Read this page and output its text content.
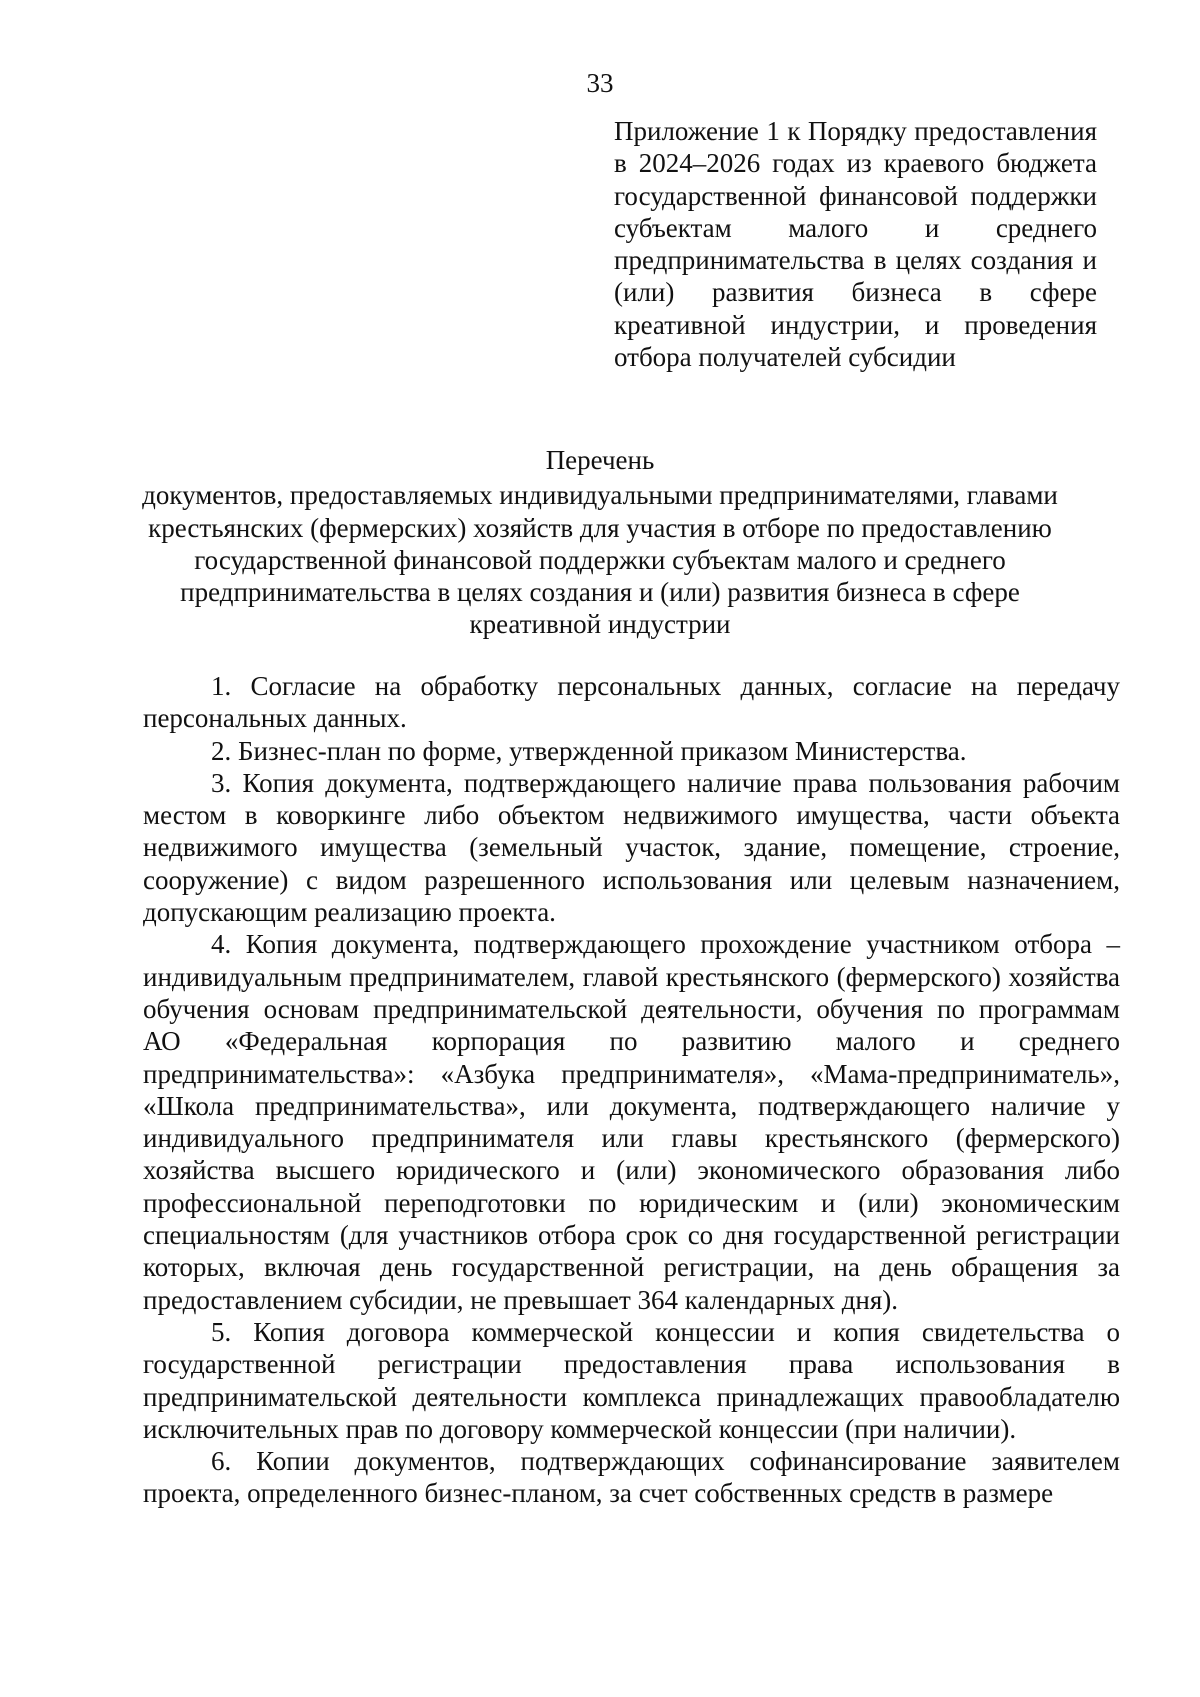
33
Приложение 1 к Порядку предоставления в 2024–2026 годах из краевого бюджета государственной финансовой поддержки субъектам малого и среднего предпринимательства в целях создания и (или) развития бизнеса в сфере креативной индустрии, и проведения отбора получателей субсидии
Перечень
документов, предоставляемых индивидуальными предпринимателями, главами крестьянских (фермерских) хозяйств для участия в отборе по предоставлению государственной финансовой поддержки субъектам малого и среднего предпринимательства в целях создания и (или) развития бизнеса в сфере креативной индустрии

1. Согласие на обработку персональных данных, согласие на передачу персональных данных.

2. Бизнес-план по форме, утвержденной приказом Министерства.

3. Копия документа, подтверждающего наличие права пользования рабочим местом в коворкинге либо объектом недвижимого имущества, части объекта недвижимого имущества (земельный участок, здание, помещение, строение, сооружение) с видом разрешенного использования или целевым назначением, допускающим реализацию проекта.

4. Копия документа, подтверждающего прохождение участником отбора – индивидуальным предпринимателем, главой крестьянского (фермерского) хозяйства обучения основам предпринимательской деятельности, обучения по программам АО «Федеральная корпорация по развитию малого и среднего предпринимательства»: «Азбука предпринимателя», «Мама-предприниматель», «Школа предпринимательства», или документа, подтверждающего наличие у индивидуального предпринимателя или главы крестьянского (фермерского) хозяйства высшего юридического и (или) экономического образования либо профессиональной переподготовки по юридическим и (или) экономическим специальностям (для участников отбора срок со дня государственной регистрации которых, включая день государственной регистрации, на день обращения за предоставлением субсидии, не превышает 364 календарных дня).

5. Копия договора коммерческой концессии и копия свидетельства о государственной регистрации предоставления права использования в предпринимательской деятельности комплекса принадлежащих правообладателю исключительных прав по договору коммерческой концессии (при наличии).

6. Копии документов, подтверждающих софинансирование заявителем проекта, определенного бизнес-планом, за счет собственных средств в размере
